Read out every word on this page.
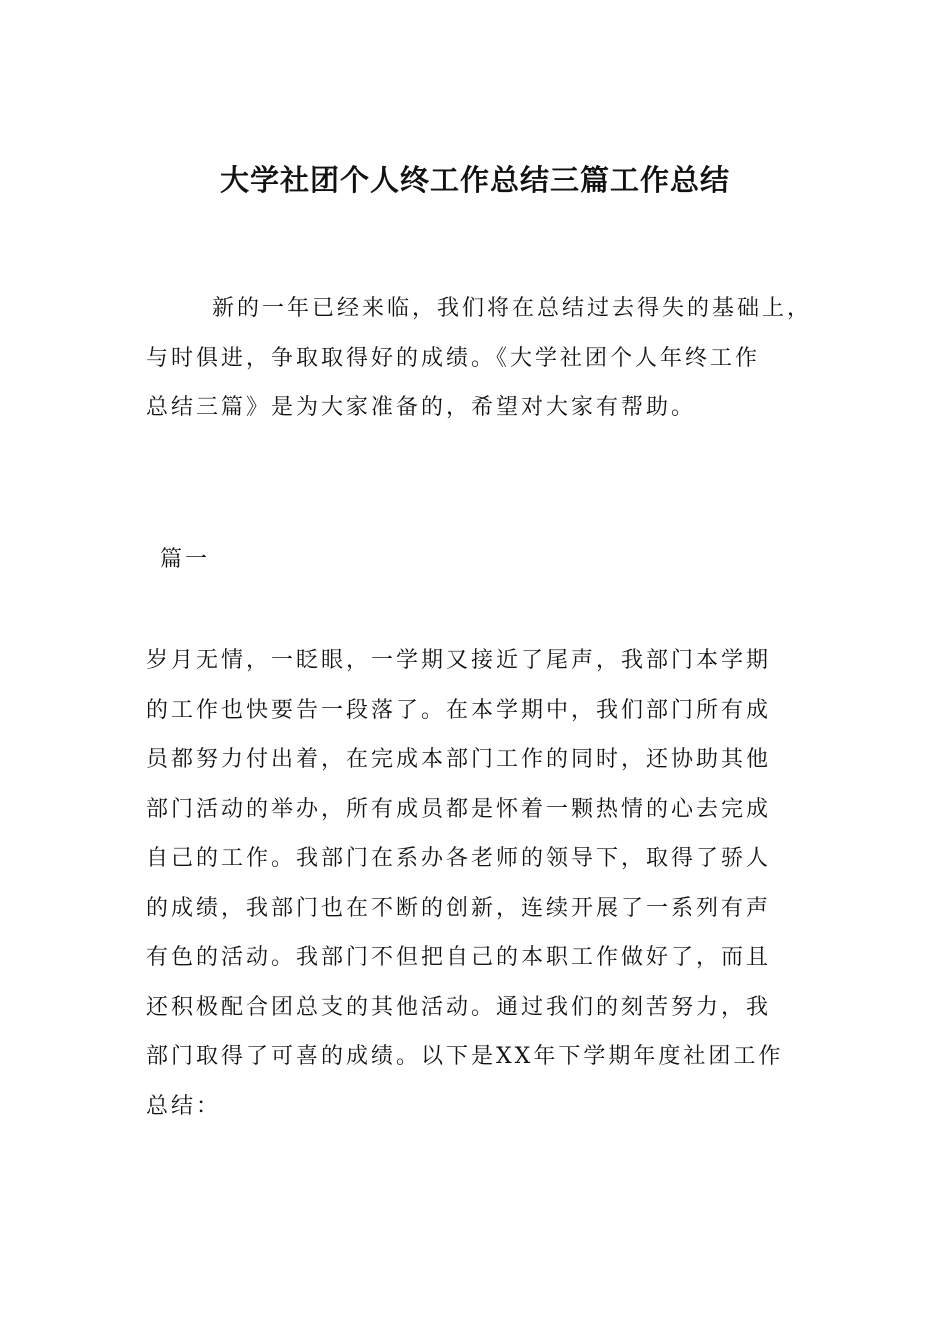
大学社团个人终工作总结三篇工作总结
新的一年已经来临，我们将在总结过去得失的基础上，
与时俱进，争取取得好的成绩。《大学社团个人年终工作
总结三篇》是为大家准备的，希望对大家有帮助。

篇一

岁月无情，一眨眼，一学期又接近了尾声，我部门本学期
的工作也快要告一段落了。在本学期中，我们部门所有成
员都努力付出着，在完成本部门工作的同时，还协助其他
部门活动的举办，所有成员都是怀着一颗热情的心去完成
自己的工作。我部门在系办各老师的领导下，取得了骄人
的成绩，我部门也在不断的创新，连续开展了一系列有声
有色的活动。我部门不但把自己的本职工作做好了，而且
还积极配合团总支的其他活动。通过我们的刻苦努力，我
部门取得了可喜的成绩。以下是XX年下学期年度社团工作
总结：
